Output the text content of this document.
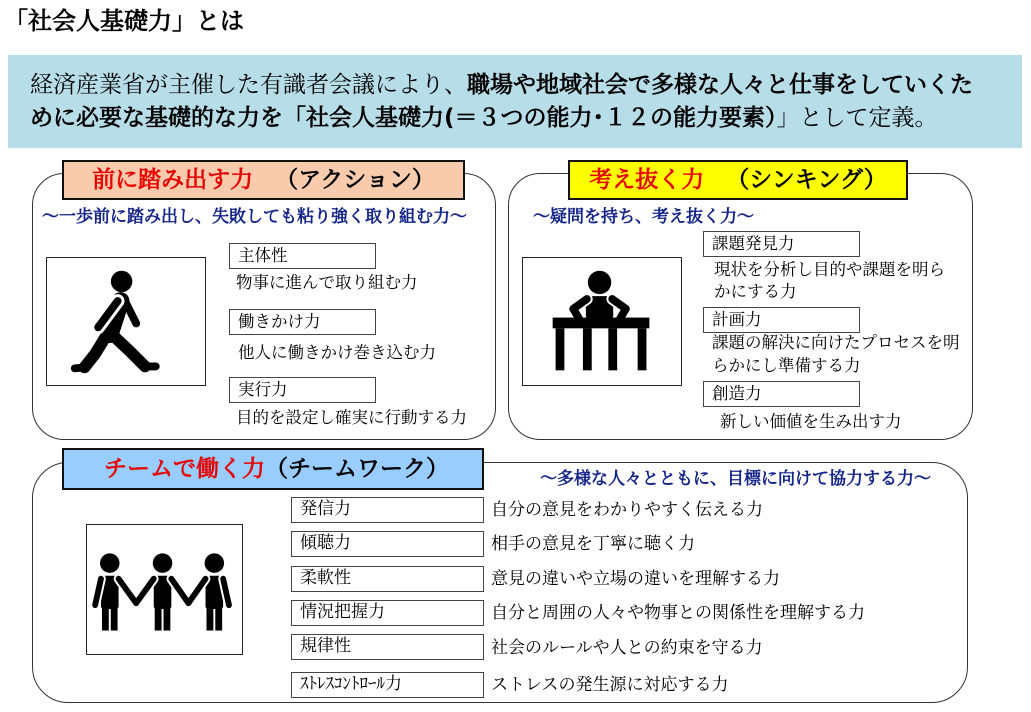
「社会人基礎力」とは
経済産業省が主催した有識者会議により、職場や地域社会で多様な人々と仕事をしていくた
めに必要な基礎的な力を「社会人基礎力(＝３つの能力･１２の能力要素）」として定義。
前に踏み出す力 （アクション）
～一歩前に踏み出し、失敗しても粘り強く取り組む力～
主体性
物事に進んで取り組む力
働きかけ力
他人に働きかけ巻き込む力
実行力
目的を設定し確実に行動する力
考え抜く力 （シンキング）
～疑問を持ち、考え抜く力～
課題発見力
現状を分析し目的や課題を明ら
かにする力
計画力
課題の解決に向けたプロセスを明
らかにし準備する力
創造力
新しい価値を生み出す力
チームで働く力 （チームワーク）	～多様な人々とともに、目標に向けて協力する力～
発信力	自分の意見をわかりやすく伝える力
傾聴力	相手の意見を丁寧に聴く力
柔軟性	意見の違いや立場の違いを理解する力
情況把握力	自分と周囲の人々や物事との関係性を理解する力
規律性	社会のルールや人との約束を守る力
ｽﾄﾚｽｺﾝﾄﾛｰﾙ力	ストレスの発生源に対応する力
